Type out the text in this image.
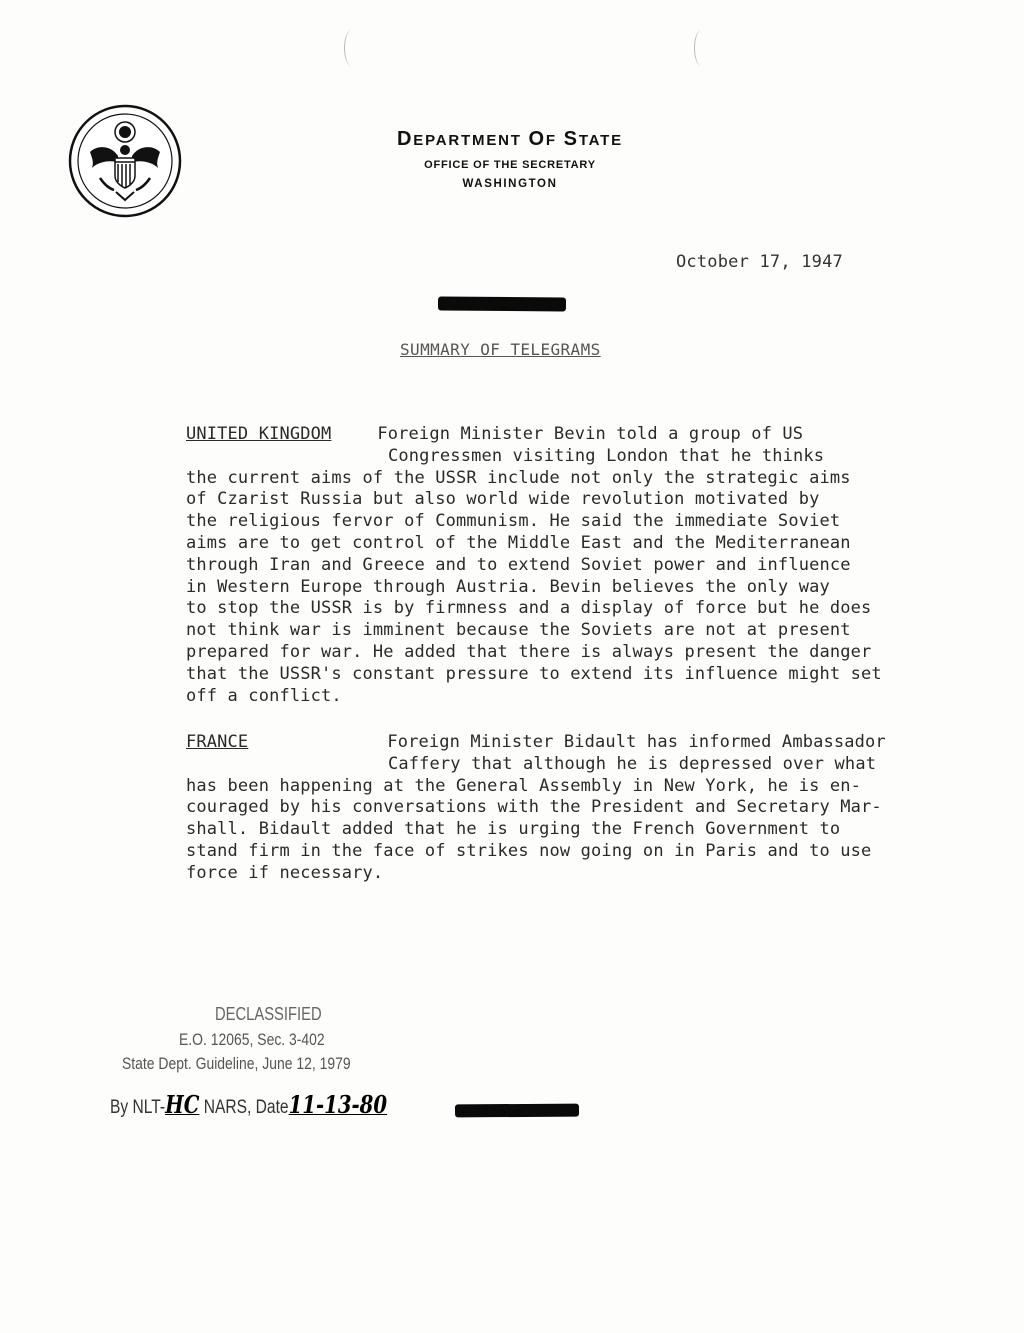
DEPARTMENT OF STATE
OFFICE OF THE SECRETARY
WASHINGTON
October 17, 1947
SUMMARY OF TELEGRAMS
UNITED KINGDOM	Foreign Minister Bevin told a group of US
Congressmen visiting London that he thinks
the current aims of the USSR include not only the strategic aims
of Czarist Russia but also world wide revolution motivated by
the religious fervor of Communism. He said the immediate Soviet
aims are to get control of the Middle East and the Mediterranean
through Iran and Greece and to extend Soviet power and influence
in Western Europe through Austria. Bevin believes the only way
to stop the USSR is by firmness and a display of force but he does
not think war is imminent because the Soviets are not at present
prepared for war. He added that there is always present the danger
that the USSR's constant pressure to extend its influence might set
off a conflict.
FRANCE	Foreign Minister Bidault has informed Ambassador
Caffery that although he is depressed over what
has been happening at the General Assembly in New York, he is en-
couraged by his conversations with the President and Secretary Mar-
shall. Bidault added that he is urging the French Government to
stand firm in the face of strikes now going on in Paris and to use
force if necessary.
DECLASSIFIED
E.O. 12065, Sec. 3-402
State Dept. Guideline, June 12, 1979
By NLT-HC NARS, Date11-13-80
